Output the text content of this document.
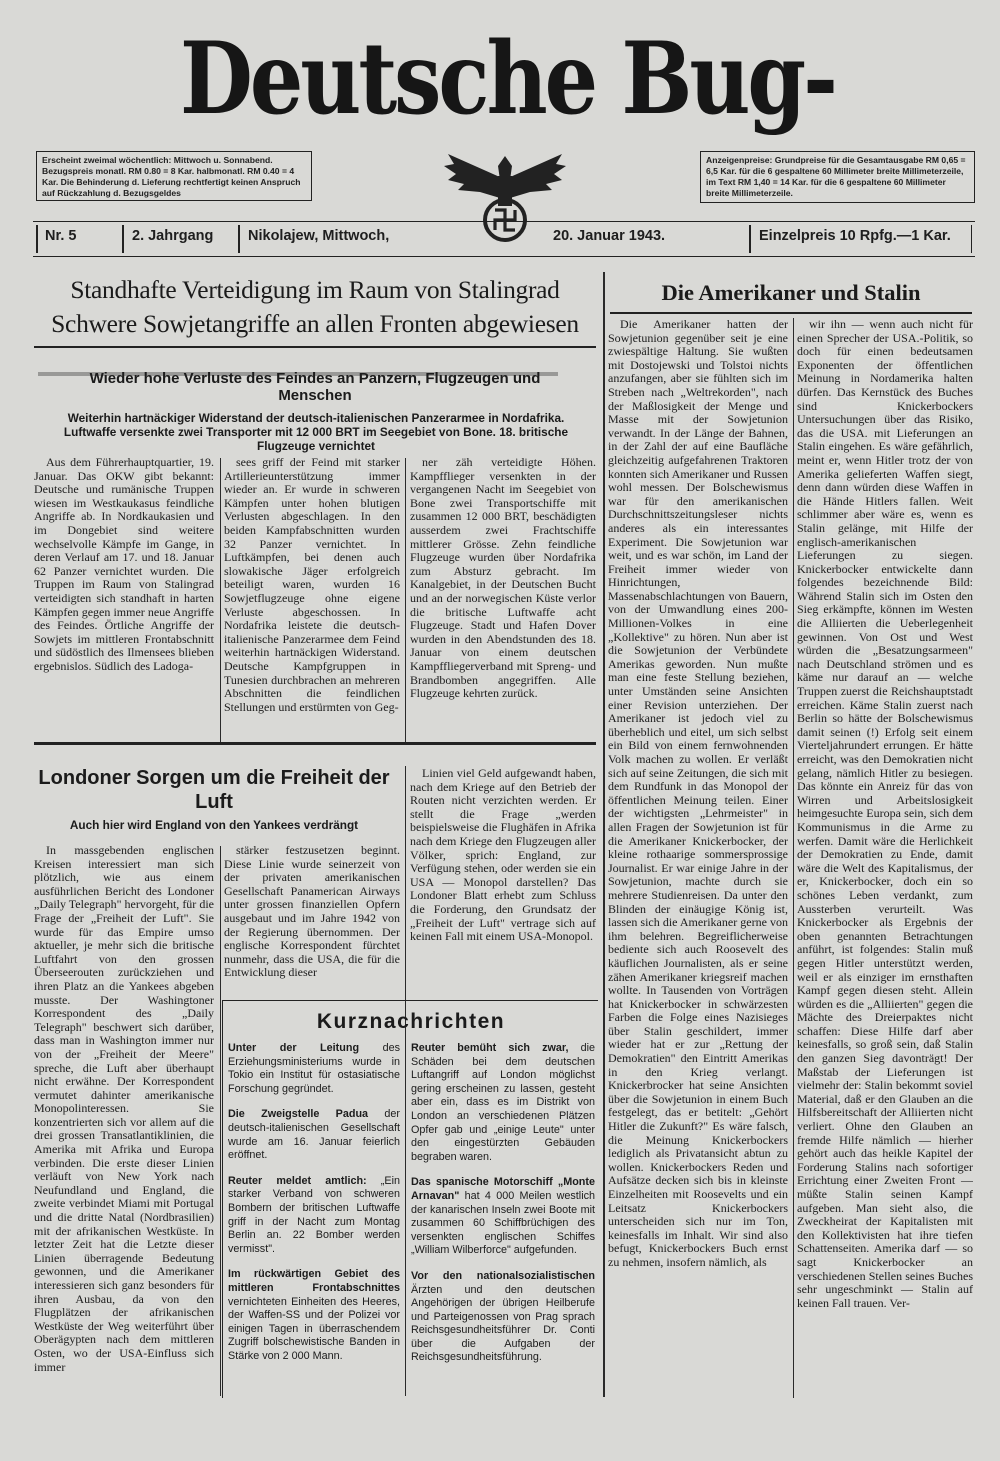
Deutsche Bug-
Erscheint zweimal wöchentlich: Mittwoch u. Sonnabend. Bezugspreis monatl. RM 0.80 = 8 Kar. halbmonatl. RM 0.40 = 4 Kar. Die Behinderung d. Lieferung rechtfertigt keinen Anspruch auf Rückzahlung d. Bezugsgeldes
Anzeigenpreise: Grundpreise für die Gesamtausgabe RM 0,65 = 6,5 Kar. für die 6 gespaltene 60 Millimeter breite Millimeterzeile, im Text RM 1,40 = 14 Kar. für die 6 gespaltene 60 Millimeter breite Millimeterzeile.
Nr. 5	2. Jahrgang Nikolajew, Mittwoch,	20. Januar 1943.	Einzelpreis 10 Rpfg.—1 Kar.
Standhafte Verteidigung im Raum von Stalingrad
Schwere Sowjetangriffe an allen Fronten abgewiesen
Wieder hohe Verluste des Feindes an Panzern, Flugzeugen und Menschen
Weiterhin hartnäckiger Widerstand der deutsch-italienischen Panzerarmee in Nordafrika. Luftwaffe versenkte zwei Transporter mit 12 000 BRT im Seegebiet von Bone. 18. britische Flugzeuge vernichtet

Aus dem Führerhauptquartier, 19. Januar. Das OKW gibt bekannt: Deutsche und rumänische Truppen wiesen im Westkaukasus feindliche Angriffe ab. In Nordkaukasien und im Dongebiet sind weitere wechselvolle Kämpfe im Gange, in deren Verlauf am 17. und 18. Januar 62 Panzer vernichtet wurden. Die Truppen im Raum von Stalingrad verteidigten sich standhaft in harten Kämpfen gegen immer neue Angriffe des Feindes. Örtliche Angriffe der Sowjets im mittleren Frontabschnitt und südöstlich des Ilmensees blieben ergebnislos. Südlich des Ladoga-

sees griff der Feind mit starker Artillerieunterstützung immer wieder an. Er wurde in schweren Kämpfen unter hohen blutigen Verlusten abgeschlagen. In den beiden Kampfabschnitten wurden 32 Panzer vernichtet. In Luftkämpfen, bei denen auch slowakische Jäger erfolgreich beteiligt waren, wurden 16 Sowjetflugzeuge ohne eigene Verluste abgeschossen. In Nordafrika leistete die deutsch-italienische Panzerarmee dem Feind weiterhin hartnäckigen Widerstand. Deutsche Kampfgruppen in Tunesien durchbrachen an mehreren Abschnitten die feindlichen Stellungen und erstürmten von Geg-

ner zäh verteidigte Höhen. Kampfflieger versenkten in der vergangenen Nacht im Seegebiet von Bone zwei Transportschiffe mit zusammen 12 000 BRT, beschädigten ausserdem zwei Frachtschiffe mittlerer Grösse. Zehn feindliche Flugzeuge wurden über Nordafrika zum Absturz gebracht. Im Kanalgebiet, in der Deutschen Bucht und an der norwegischen Küste verlor die britische Luftwaffe acht Flugzeuge. Stadt und Hafen Dover wurden in den Abendstunden des 18. Januar von einem deutschen Kampffliegerverband mit Spreng- und Brandbomben angegriffen. Alle Flugzeuge kehrten zurück.

Londoner Sorgen um die Freiheit der Luft
Auch hier wird England von den Yankees verdrängt

In massgebenden englischen Kreisen interessiert man sich plötzlich, wie aus einem ausführlichen Bericht des Londoner „Daily Telegraph" hervorgeht, für die Frage der „Freiheit der Luft". Sie wurde für das Empire umso aktueller, je mehr sich die britische Luftfahrt von den grossen Überseerouten zurückziehen und ihren Platz an die Yankees abgeben musste. Der Washingtoner Korrespondent des „Daily Telegraph" beschwert sich darüber, dass man in Washington immer nur von der „Freiheit der Meere" spreche, die Luft aber überhaupt nicht erwähne. Der Korrespondent vermutet dahinter amerikanische Monopolinteressen. Sie konzentrierten sich vor allem auf die drei grossen Transatlantiklinien, die Amerika mit Afrika und Europa verbinden. Die erste dieser Linien verläuft von New York nach Neufundland und England, die zweite verbindet Miami mit Portugal und die dritte Natal (Nordbrasilien) mit der afrikanischen Westküste. In letzter Zeit hat die Letzte dieser Linien überragende Bedeutung gewonnen, und die Amerikaner interessieren sich ganz besonders für ihren Ausbau, da von den Flugplätzen der afrikanischen Westküste der Weg weiterführt über Oberägypten nach dem mittleren Osten, wo der USA-Einfluss sich immer

stärker festzusetzen beginnt. Diese Linie wurde seinerzeit von der privaten amerikanischen Gesellschaft Panamerican Airways unter grossen finanziellen Opfern ausgebaut und im Jahre 1942 von der Regierung übernommen. Der englische Korrespondent fürchtet nunmehr, dass die USA, die für die Entwicklung dieser

Linien viel Geld aufgewandt haben, nach dem Kriege auf den Betrieb der Routen nicht verzichten werden. Er stellt die Frage „werden beispielsweise die Flughäfen in Afrika nach dem Kriege den Flugzeugen aller Völker, sprich: England, zur Verfügung stehen, oder werden sie ein USA — Monopol darstellen? Das Londoner Blatt erhebt zum Schluss die Forderung, den Grundsatz der „Freiheit der Luft" vertrage sich auf keinen Fall mit einem USA-Monopol.

Kurznachrichten

Unter der Leitung des Erziehungsministeriums wurde in Tokio ein Institut für ostasiatische Forschung gegründet.

Die Zweigstelle Padua der deutsch-italienischen Gesellschaft wurde am 16. Januar feierlich eröffnet.

Reuter meldet amtlich: „Ein starker Verband von schweren Bombern der britischen Luftwaffe griff in der Nacht zum Montag Berlin an. 22 Bomber werden vermisst".

Im rückwärtigen Gebiet des mittleren Frontabschnittes vernichteten Einheiten des Heeres, der Waffen-SS und der Polizei vor einigen Tagen in überraschendem Zugriff bolschewistische Banden in Stärke von 2 000 Mann.

Reuter bemüht sich zwar, die Schäden bei dem deutschen Luftangriff auf London möglichst gering erscheinen zu lassen, gesteht aber ein, dass es im Distrikt von London an verschiedenen Plätzen Opfer gab und „einige Leute" unter den eingestürzten Gebäuden begraben waren.

Das spanische Motorschiff „Monte Arnavan" hat 4 000 Meilen westlich der kanarischen Inseln zwei Boote mit zusammen 60 Schiffbrüchigen des versenkten englischen Schiffes „William Wilberforce" aufgefunden.

Vor den nationalsozialistischen Ärzten und den deutschen Angehörigen der übrigen Heilberufe und Parteigenossen von Prag sprach Reichsgesundheitsführer Dr. Conti über die Aufgaben der Reichsgesundheitsführung.

Die Amerikaner und Stalin

Die Amerikaner hatten der Sowjetunion gegenüber seit je eine zwiespältige Haltung. Sie wußten mit Dostojewski und Tolstoi nichts anzufangen, aber sie fühlten sich im Streben nach „Weltrekorden", nach der Maßlosigkeit der Menge und Masse mit der Sowjetunion verwandt. In der Länge der Bahnen, in der Zahl der auf eine Baufläche gleichzeitig aufgefahrenen Traktoren konnten sich Amerikaner und Russen wohl messen. Der Bolschewismus war für den amerikanischen Durchschnittszeitungsleser nichts anderes als ein interessantes Experiment. Die Sowjetunion war weit, und es war schön, im Land der Freiheit immer wieder von Hinrichtungen, Massenabschlachtungen von Bauern, von der Umwandlung eines 200-Millionen-Volkes in eine „Kollektive" zu hören. Nun aber ist die Sowjetunion der Verbündete Amerikas geworden. Nun mußte man eine feste Stellung beziehen, unter Umständen seine Ansichten einer Revision unterziehen. Der Amerikaner ist jedoch viel zu überheblich und eitel, um sich selbst ein Bild von einem fernwohnenden Volk machen zu wollen. Er verläßt sich auf seine Zeitungen, die sich mit dem Rundfunk in das Monopol der öffentlichen Meinung teilen. Einer der wichtigsten „Lehrmeister" in allen Fragen der Sowjetunion ist für die Amerikaner Knickerbocker, der kleine rothaarige sommersprossige Journalist. Er war einige Jahre in der Sowjetunion, machte durch sie mehrere Studienreisen. Da unter den Blinden der einäugige König ist, lassen sich die Amerikaner gerne von ihm belehren. Begreiflicherweise bediente sich auch Roosevelt des käuflichen Journalisten, als er seine zähen Amerikaner kriegsreif machen wollte. In Tausenden von Vorträgen hat Knickerbocker in schwärzesten Farben die Folge eines Nazisieges über Stalin geschildert, immer wieder hat er zur „Rettung der Demokratien" den Eintritt Amerikas in den Krieg verlangt. Knickerbrocker hat seine Ansichten über die Sowjetunion in einem Buch festgelegt, das er betitelt: „Gehört Hitler die Zukunft?" Es wäre falsch, die Meinung Knickerbockers lediglich als Privatansicht abtun zu wollen. Knickerbockers Reden und Aufsätze decken sich bis in kleinste Einzelheiten mit Roosevelts und ein Leitsatz Knickerbockers unterscheiden sich nur im Ton, keinesfalls im Inhalt. Wir sind also befugt, Knickerbockers Buch ernst zu nehmen, insofern nämlich, als

wir ihn — wenn auch nicht für einen Sprecher der USA.-Politik, so doch für einen bedeutsamen Exponenten der öffentlichen Meinung in Nordamerika halten dürfen. Das Kernstück des Buches sind Knickerbockers Untersuchungen über das Risiko, das die USA. mit Lieferungen an Stalin eingehen. Es wäre gefährlich, meint er, wenn Hitler trotz der von Amerika gelieferten Waffen siegt, denn dann würden diese Waffen in die Hände Hitlers fallen. Weit schlimmer aber wäre es, wenn es Stalin gelänge, mit Hilfe der englisch-amerikanischen Lieferungen zu siegen. Knickerbocker entwickelte dann folgendes bezeichnende Bild: Während Stalin sich im Osten den Sieg erkämpfte, können im Westen die Alliierten die Ueberlegenheit gewinnen. Von Ost und West würden die „Besatzungsarmeen" nach Deutschland strömen und es käme nur darauf an — welche Truppen zuerst die Reichshauptstadt erreichen. Käme Stalin zuerst nach Berlin so hätte der Bolschewismus damit seinen (!) Erfolg seit einem Vierteljahrundert errungen. Er hätte erreicht, was den Demokratien nicht gelang, nämlich Hitler zu besiegen. Das könnte ein Anreiz für das von Wirren und Arbeitslosigkeit heimgesuchte Europa sein, sich dem Kommunismus in die Arme zu werfen. Damit wäre die Herlichkeit der Demokratien zu Ende, damit wäre die Welt des Kapitalismus, der er, Knickerbocker, doch ein so schönes Leben verdankt, zum Aussterben verurteilt. Was Knickerbocker als Ergebnis der oben genannten Betrachtungen anführt, ist folgendes: Stalin muß gegen Hitler unterstützt werden, weil er als einziger im ernsthaften Kampf gegen diesen steht. Allein würden es die „Alliierten" gegen die Mächte des Dreierpaktes nicht schaffen: Diese Hilfe darf aber keinesfalls, so groß sein, daß Stalin den ganzen Sieg davonträgt! Der Maßstab der Lieferungen ist vielmehr der: Stalin bekommt soviel Material, daß er den Glauben an die Hilfsbereitschaft der Alliierten nicht verliert. Ohne den Glauben an fremde Hilfe nämlich — hierher gehört auch das heikle Kapitel der Forderung Stalins nach sofortiger Errichtung einer Zweiten Front — müßte Stalin seinen Kampf aufgeben. Man sieht also, die Zweckheirat der Kapitalisten mit den Kollektivisten hat ihre tiefen Schattenseiten. Amerika darf — so sagt Knickerbocker an verschiedenen Stellen seines Buches sehr ungeschminkt — Stalin auf keinen Fall trauen. Ver-
